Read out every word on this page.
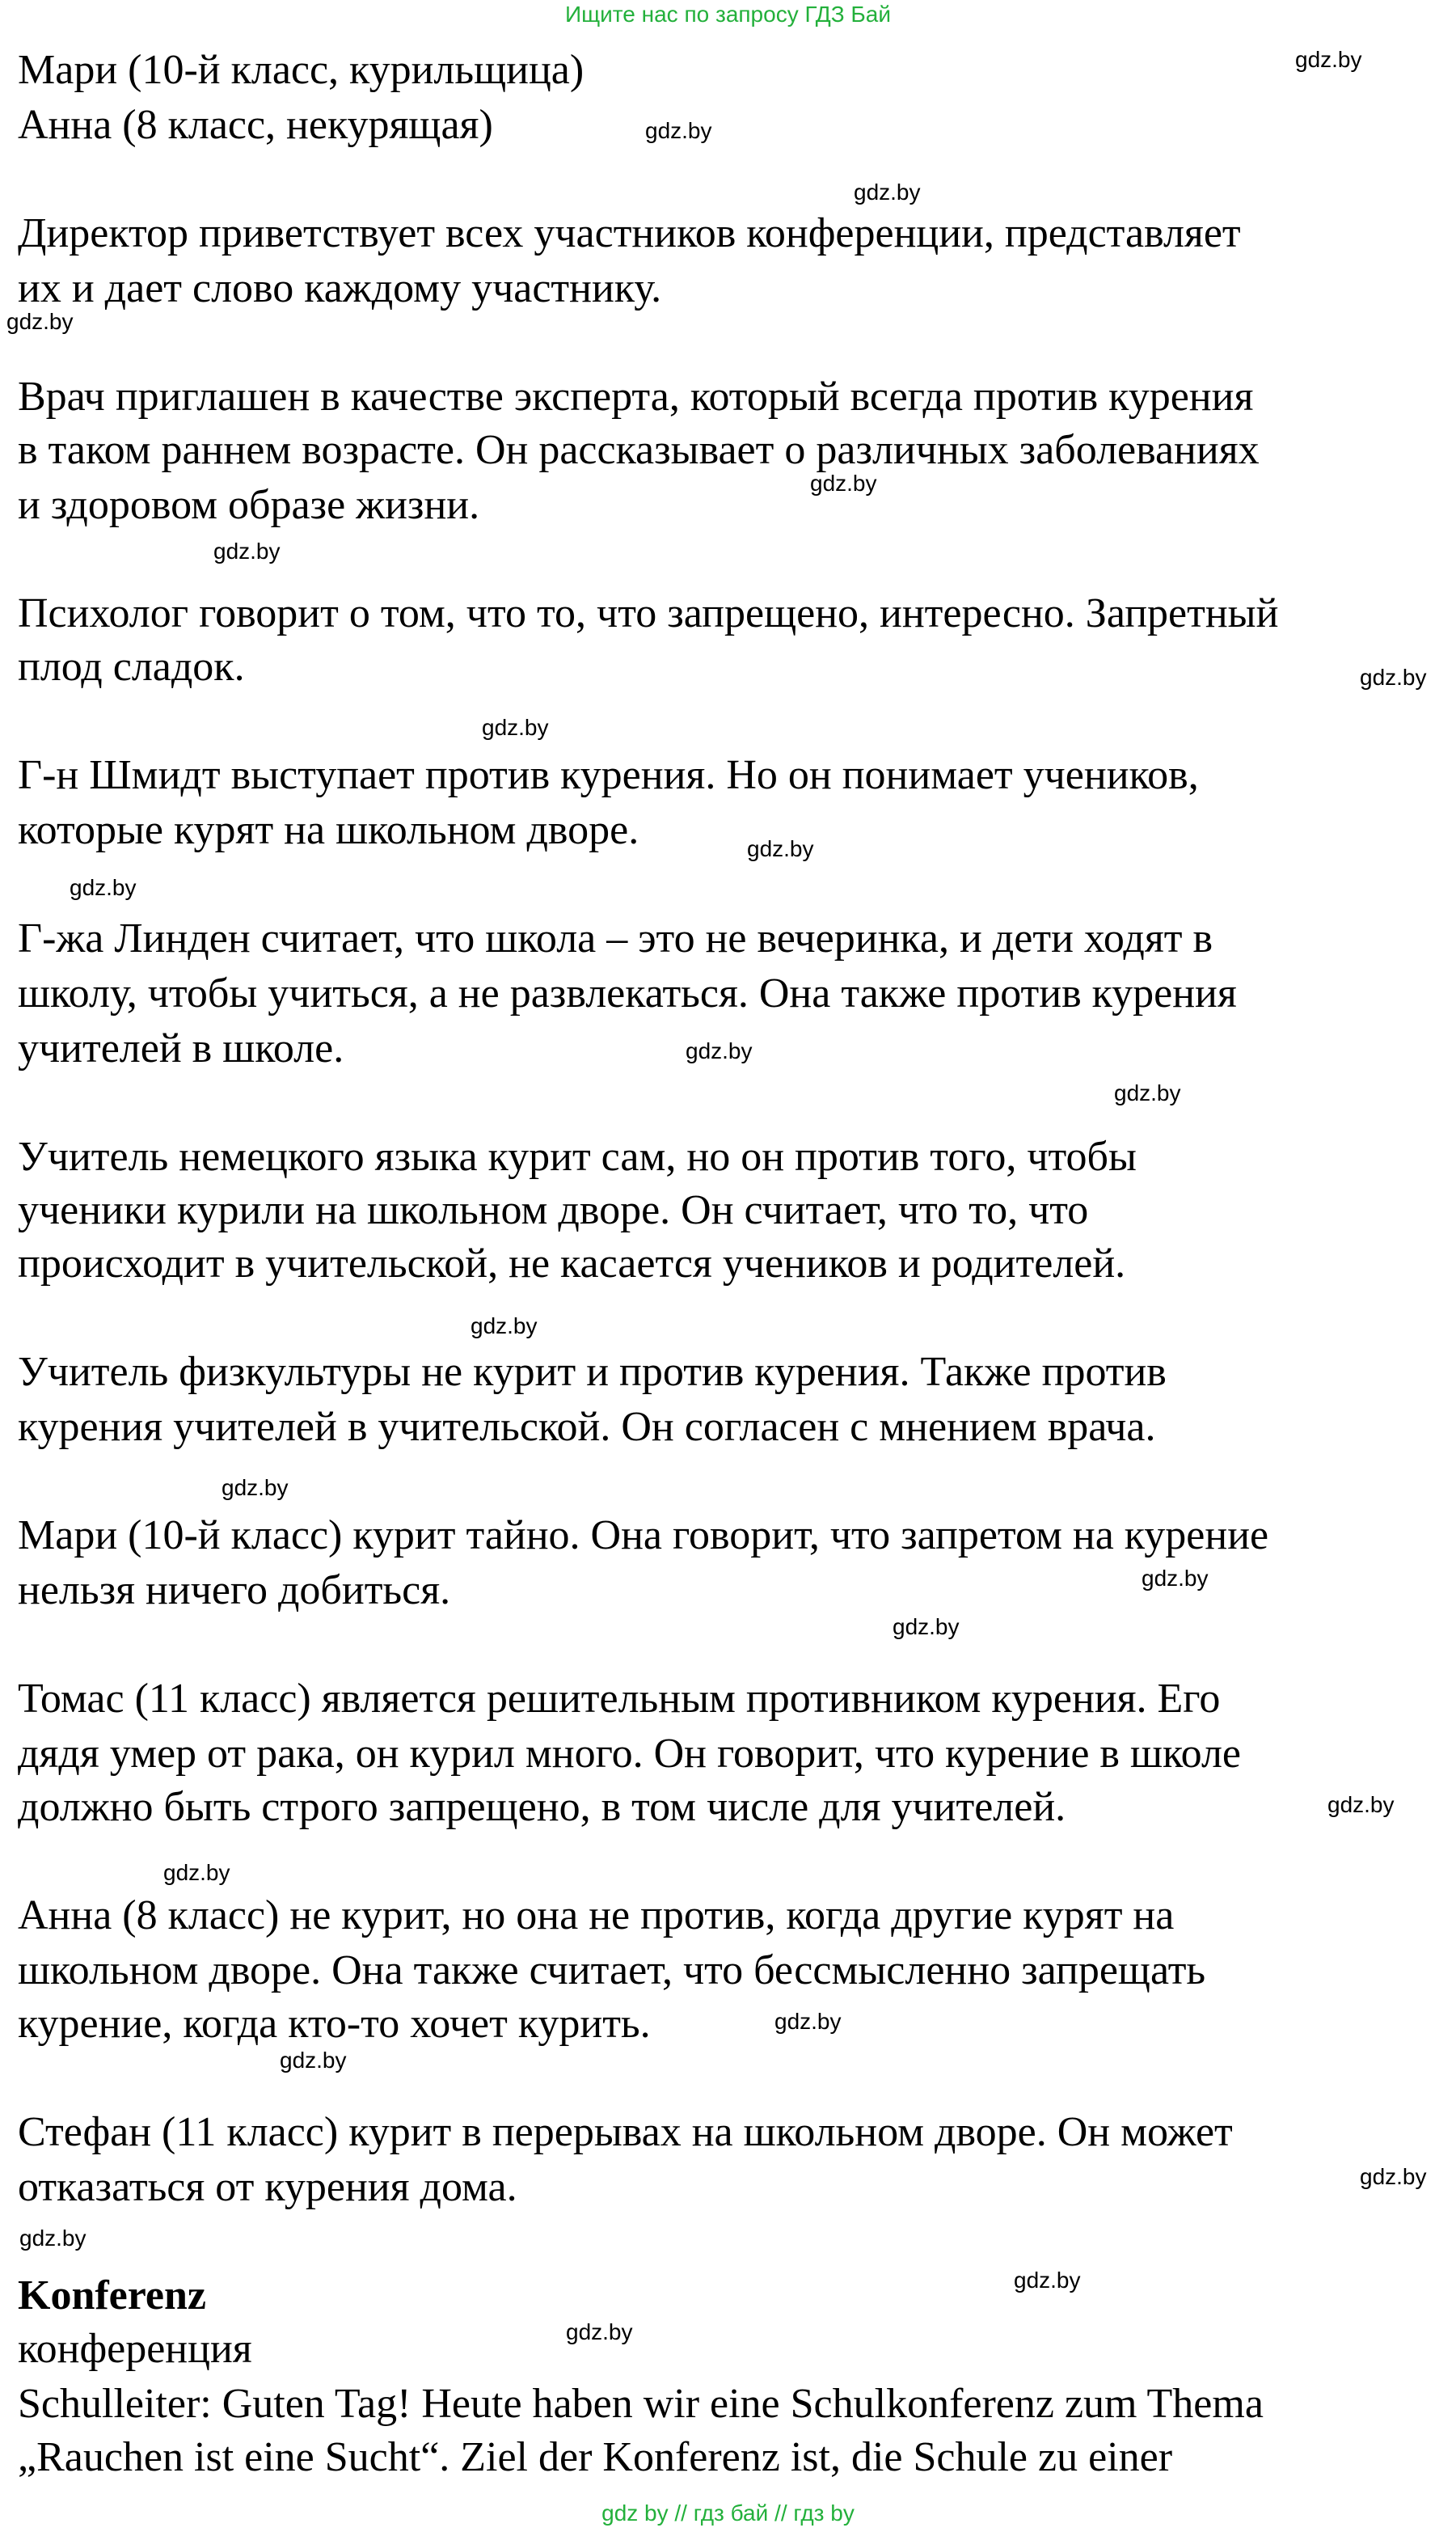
Ищите нас по запросу ГДЗ Бай
Мари (10-й класс, курильщица)
Анна (8 класс, некурящая)
Директор приветствует всех участников конференции, представляет
их и дает слово каждому участнику.
Врач приглашен в качестве эксперта, который всегда против курения
в таком раннем возрасте. Он рассказывает о различных заболеваниях
и здоровом образе жизни.
Психолог говорит о том, что то, что запрещено, интересно. Запретный
плод сладок.
Г-н Шмидт выступает против курения. Но он понимает учеников,
которые курят на школьном дворе.
Г-жа Линден считает, что школа – это не вечеринка, и дети ходят в
школу, чтобы учиться, а не развлекаться. Она также против курения
учителей в школе.
Учитель немецкого языка курит сам, но он против того, чтобы
ученики курили на школьном дворе. Он считает, что то, что
происходит в учительской, не касается учеников и родителей.
Учитель физкультуры не курит и против курения. Также против
курения учителей в учительской. Он согласен с мнением врача.
Мари (10-й класс) курит тайно. Она говорит, что запретом на курение
нельзя ничего добиться.
Томас (11 класс) является решительным противником курения. Его
дядя умер от рака, он курил много. Он говорит, что курение в школе
должно быть строго запрещено, в том числе для учителей.
Анна (8 класс) не курит, но она не против, когда другие курят на
школьном дворе. Она также считает, что бессмысленно запрещать
курение, когда кто-то хочет курить.
Стефан (11 класс) курит в перерывах на школьном дворе. Он может
отказаться от курения дома.
Konferenz
конференция
Schulleiter: Guten Tag! Heute haben wir eine Schulkonferenz zum Thema
„Rauchen ist eine Sucht“. Ziel der Konferenz ist, die Schule zu einer
gdz.by
gdz.by
gdz.by
gdz.by
gdz.by
gdz.by
gdz.by
gdz.by
gdz.by
gdz.by
gdz.by
gdz.by
gdz.by
gdz.by
gdz.by
gdz.by
gdz.by
gdz.by
gdz.by
gdz.by
gdz.by
gdz.by
gdz.by
gdz.by
gdz by // гдз бай // гдз by
